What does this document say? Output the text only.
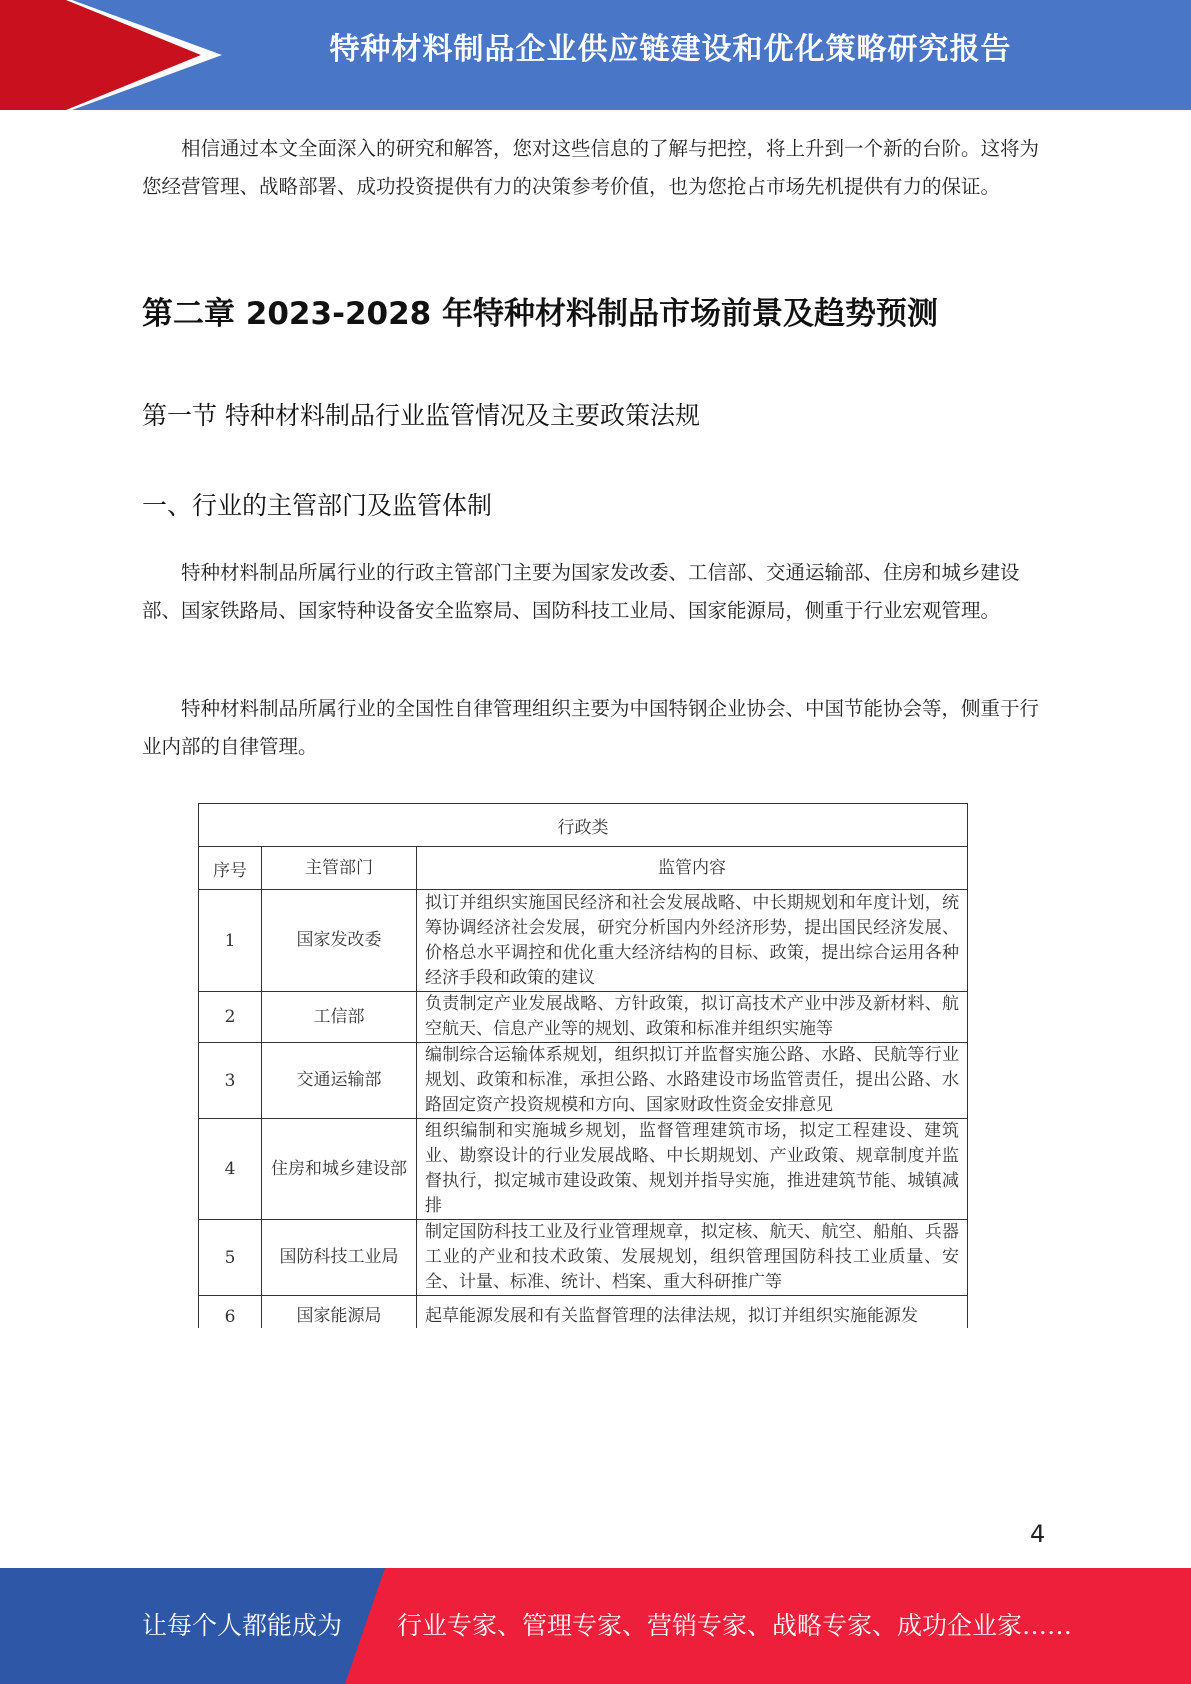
特种材料制品企业供应链建设和优化策略研究报告

相信通过本文全面深入的研究和解答，您对这些信息的了解与把控，将上升到一个新的台阶。这将为您经营管理、战略部署、成功投资提供有力的决策参考价值，也为您抢占市场先机提供有力的保证。

第二章 2023-2028 年特种材料制品市场前景及趋势预测
第一节 特种材料制品行业监管情况及主要政策法规
一、行业的主管部门及监管体制

特种材料制品所属行业的行政主管部门主要为国家发改委、工信部、交通运输部、住房和城乡建设部、国家铁路局、国家特种设备安全监察局、国防科技工业局、国家能源局，侧重于行业宏观管理。

特种材料制品所属行业的全国性自律管理组织主要为中国特钢企业协会、中国节能协会等，侧重于行业内部的自律管理。

行政类		
序号	主管部门	监管内容
1	国家发改委	拟订并组织实施国民经济和社会发展战略、中长期规划和年度计划，统筹协调经济社会发展，研究分析国内外经济形势，提出国民经济发展、价格总水平调控和优化重大经济结构的目标、政策，提出综合运用各种经济手段和政策的建议
2	工信部	负责制定产业发展战略、方针政策，拟订高技术产业中涉及新材料、航空航天、信息产业等的规划、政策和标准并组织实施等
3	交通运输部	编制综合运输体系规划，组织拟订并监督实施公路、水路、民航等行业规划、政策和标准，承担公路、水路建设市场监管责任，提出公路、水路固定资产投资规模和方向、国家财政性资金安排意见
4	住房和城乡建设部	组织编制和实施城乡规划，监督管理建筑市场，拟定工程建设、建筑业、勘察设计的行业发展战略、中长期规划、产业政策、规章制度并监督执行，拟定城市建设政策、规划并指导实施，推进建筑节能、城镇减排
5	国防科技工业局	制定国防科技工业及行业管理规章，拟定核、航天、航空、船舶、兵器工业的产业和技术政策、发展规划，组织管理国防科技工业质量、安全、计量、标准、统计、档案、重大科研推广等
6	国家能源局	起草能源发展和有关监督管理的法律法规，拟订并组织实施能源发
4
让每个人都能成为 行业专家、管理专家、营销专家、战略专家、成功企业家……
